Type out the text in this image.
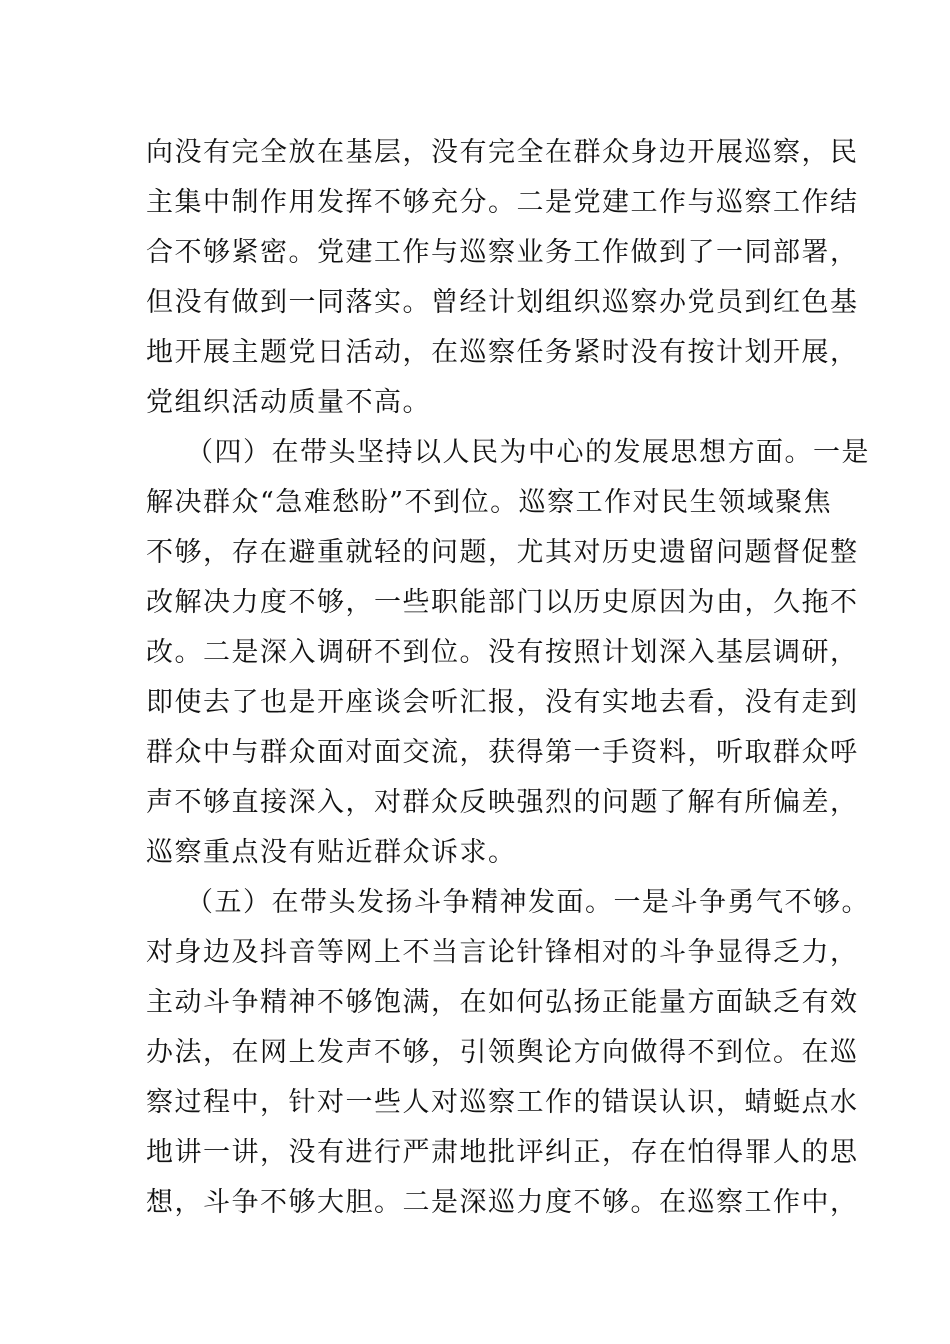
向没有完全放在基层，没有完全在群众身边开展巡察，民
主集中制作用发挥不够充分。二是党建工作与巡察工作结
合不够紧密。党建工作与巡察业务工作做到了一同部署，
但没有做到一同落实。曾经计划组织巡察办党员到红色基
地开展主题党日活动，在巡察任务紧时没有按计划开展，
党组织活动质量不高。
（四）在带头坚持以人民为中心的发展思想方面。一是
解决群众“急难愁盼”不到位。巡察工作对民生领域聚焦
不够，存在避重就轻的问题，尤其对历史遗留问题督促整
改解决力度不够，一些职能部门以历史原因为由，久拖不
改。二是深入调研不到位。没有按照计划深入基层调研，
即使去了也是开座谈会听汇报，没有实地去看，没有走到
群众中与群众面对面交流，获得第一手资料，听取群众呼
声不够直接深入，对群众反映强烈的问题了解有所偏差，
巡察重点没有贴近群众诉求。
（五）在带头发扬斗争精神发面。一是斗争勇气不够。
对身边及抖音等网上不当言论针锋相对的斗争显得乏力，
主动斗争精神不够饱满，在如何弘扬正能量方面缺乏有效
办法，在网上发声不够，引领舆论方向做得不到位。在巡
察过程中，针对一些人对巡察工作的错误认识，蜻蜓点水
地讲一讲，没有进行严肃地批评纠正，存在怕得罪人的思
想，斗争不够大胆。二是深巡力度不够。在巡察工作中，
